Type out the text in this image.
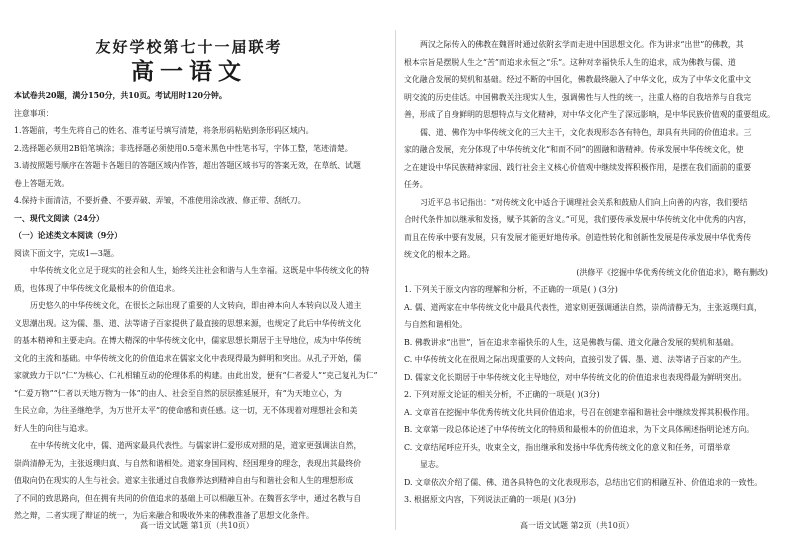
友好学校第七十一届联考

高一语文

本试卷共20题，满分150分，共10页。考试用时120分钟。

注意事项：

1.答题前，考生先将自己的姓名、准考证号填写清楚，将条形码粘贴到条形码区域内。

2.选择题必须用2B铅笔填涂；非选择题必须使用0.5毫米黑色中性笔书写，字体工整，笔迹清楚。

3.请按照题号顺序在答题卡各题目的答题区域内作答，超出答题区域书写的答案无效，在草纸、试题

卷上答题无效。

4.保持卡面清洁，不要折叠、不要弄破、弄皱，不准使用涂改液、修正带、刮纸刀。

一、现代文阅读（24分）

（一）论述类文本阅读（9分）

阅读下面文字，完成1—3题。

中华传统文化立足于现实的社会和人生，始终关注社会和谐与人生幸福。这既是中华传统文化的特

质，也体现了中华传统文化最根本的价值追求。

历史悠久的中华传统文化，在很长之际出现了重要的人文转向，即由神本向人本转向以及人道主

义思潮出现。这为儒、墨、道、法等诸子百家提供了最直接的思想来源，也规定了此后中华传统文化

的基本精神和主要走向。在博大精深的中华传统文化中，儒家思想长期居于主导地位，成为中华传统

文化的主流和基础。中华传统文化的价值追求在儒家文化中表现得最为鲜明和突出。从孔子开始，儒

家就致力于以“仁”为核心、仁礼相辅互动的伦理体系的构建。由此出发，便有“仁者爱人”“克己复礼为仁”

“仁爱万物”“仁者以天地万物为一体”的由人、社会至自然的层层推延展开，有“为天地立心，为

生民立命，为往圣继绝学，为万世开太平”的使命感和责任感。这一切，无不体现着对理想社会和美

好人生的向往与追求。

在中华传统文化中，儒、道两家最具代表性。与儒家讲仁爱形成对照的是，道家更强调法自然，

崇尚清静无为，主张返璞归真、与自然和谐相处。道家身国同构、经国理身的理念，表现出其最终价

值取向仍在现实的人生与社会。道家主张通过自我修养达到精神自由与和谐社会和人生的理想形成

了不同的致思路向，但在拥有共同的价值追求的基础上可以相融互补。在魏晋玄学中，通过名教与自

然之辩，二者实现了辩证的统一，为后来融合和吸收外来的佛教准备了思想文化条件。

两汉之际传入的佛教在魏晋时通过依附玄学而走进中国思想文化。作为讲求“出世”的佛教，其

根本宗旨是摆脱人生之“苦”而追求永恒之“乐”。这种对幸福快乐人生的追求，成为佛教与儒、道

文化融合发展的契机和基础。经过不断的中国化，佛教最终融入了中华文化，成为了中华文化重中文

明交流的历史佳话。中国佛教关注现实人生，强调佛性与人性的统一，注重人格的自我培养与自我完

善，形成了自身鲜明的思想特点与文化精神，对中华文化产生了深远影响，是中华民族价值观的重要组成。

儒、道、佛作为中华传统文化的三大主干，文化表现形态各有特色，却具有共同的价值追求。三

家的融合发展，充分体现了中华传统文化“和而不同”的圆融和谐精神。传承发展中华传统文化，使

之在建设中华民族精神家园、践行社会主义核心价值观中继续发挥积极作用，是摆在我们面前的重要

任务。

习近平总书记指出：“对传统文化中适合于调理社会关系和鼓励人们向上向善的内容，我们要结

合时代条件加以继承和发扬，赋予其新的含义。”可见，我们要传承发展中华传统文化中优秀的内容，

而且在传承中要有发展，只有发展才能更好地传承。创造性转化和创新性发展是传承发展中华优秀传

统文化的根本之路。

(洪修平《挖掘中华优秀传统文化价值追求》，略有删改)

1. 下列关于原文内容的理解和分析，不正确的一项是( ) (3分)

A. 儒、道两家在中华传统文化中最具代表性，道家则更强调通法自然，崇尚清静无为，主张返璞归真，

与自然和谐相处。

B. 佛教讲求“出世”，旨在追求幸福快乐的人生，这是佛教与儒、道文化融合发展的契机和基础。

C. 中华传统文化在很周之际出现重要的人文转向，直接引发了儒、墨、道、法等诸子百家的产生。

D. 儒家文化长期居于中华传统文化主导地位，对中华传统文化的价值追求也表现得最为鲜明突出。

2. 下列对原文论证的相关分析，不正确的一项是( )(3分)

A. 文章首在挖掘中华优秀传统文化共同价值追求，号召在创建幸福和谐社会中继续发挥其积极作用。

B. 文章第一段总体论述了中华传统文化的特质和最根本的价值追求，为下文具体阐述指明论述方向。

C. 文章结尾呼应开头，收束全文，指出继承和发扬中华优秀传统文化的意义和任务，可谓举章

显志。

D. 文章依次介绍了儒、佛、道各具特色的文化表现形态，总结出它们的相融互补、价值追求的一致性。

3. 根据原文内容，下列说法正确的一项是( )(3分)

高一语文试题 第1页（共10页）	高一语文试题 第2页（共10页）
